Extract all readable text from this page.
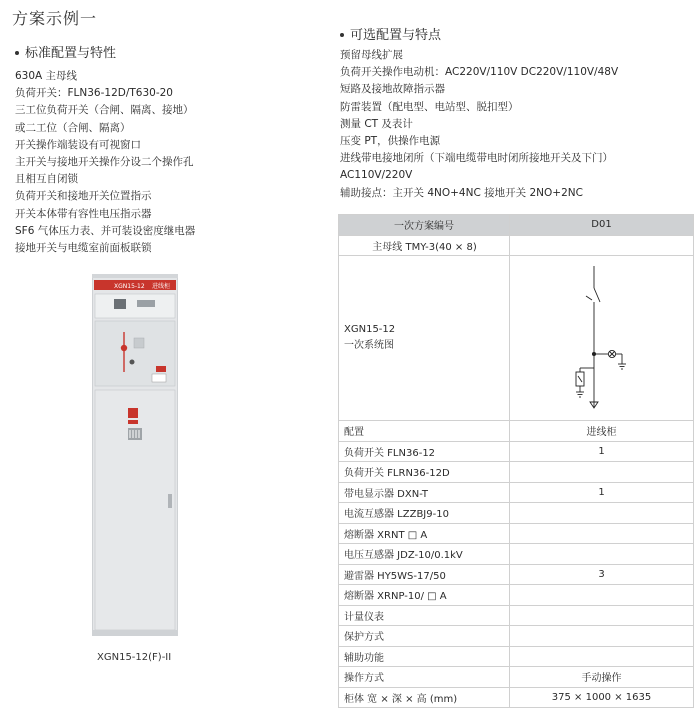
方案示例一
标准配置与特性
630A 主母线
负荷开关：FLN36-12D/T630-20
三工位负荷开关（合闸、隔离、接地）
或二工位（合闸、隔离）
开关操作端装设有可视窗口
主开关与接地开关操作分设二个操作孔
且相互自闭锁
负荷开关和接地开关位置指示
开关本体带有容性电压指示器
SF6 气体压力表、并可装设密度继电器
接地开关与电缆室前面板联锁
可选配置与特点
预留母线扩展
负荷开关操作电动机：AC220V/110V DC220V/110V/48V
短路及接地故障指示器
防雷装置（配电型、电站型、脱扣型）
测量 CT 及表计
压变 PT，供操作电源
进线带电接地闭所（下端电缆带电时闭所接地开关及下门）
AC110V/220V
辅助接点：主开关 4NO+4NC 接地开关 2NO+2NC
XGN15-12 进线柜
XGN15-12(F)-II
一次方案编号	D01
主母线 TMY-3(40 × 8)	

XGN15-12
一次系统图

配置	进线柜
负荷开关 FLN36-12	1
负荷开关 FLRN36-12D	
带电显示器 DXN-T	1
电流互感器 LZZBJ9-10	
熔断器 XRNT □ A	
电压互感器 JDZ-10/0.1kV	
避雷器 HY5WS-17/50	3
熔断器 XRNP-10/ □ A	
计量仪表	
保护方式	
辅助功能	
操作方式	手动操作
柜体 宽 × 深 × 高 (mm)	375 × 1000 × 1635
